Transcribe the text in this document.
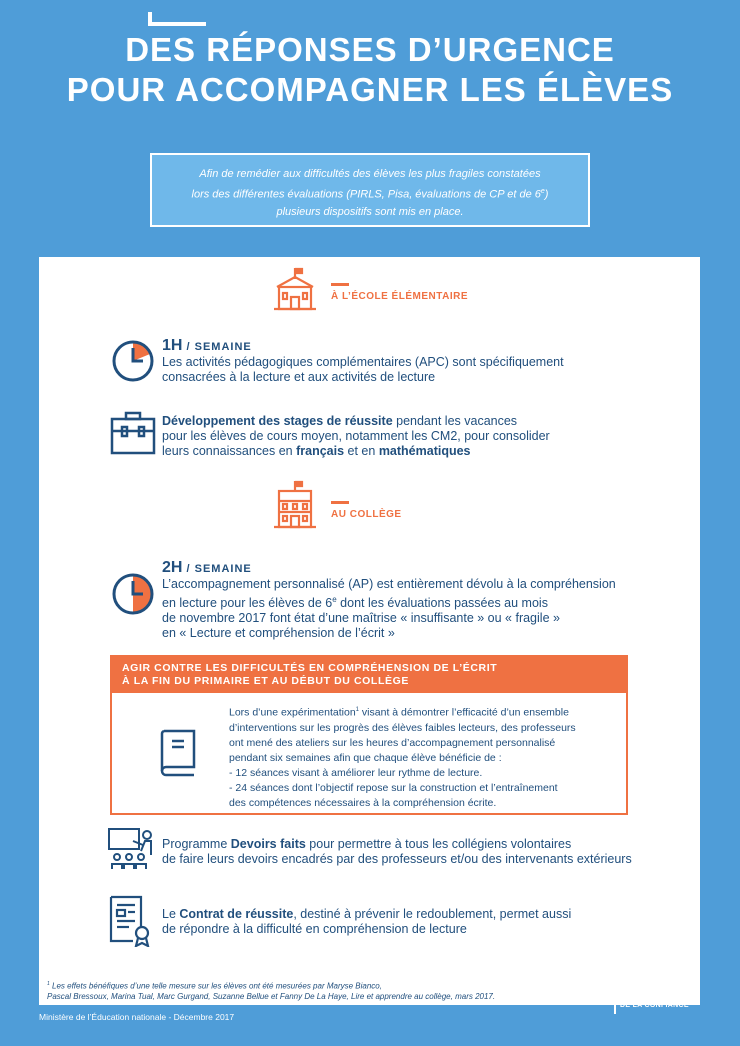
DES RÉPONSES D’URGENCE
POUR ACCOMPAGNER LES ÉLÈVES
Afin de remédier aux difficultés des élèves les plus fragiles constatées
lors des différentes évaluations (PIRLS, Pisa, évaluations de CP et de 6e)
plusieurs dispositifs sont mis en place.
À L’ÉCOLE ÉLÉMENTAIRE
1H / SEMAINE
Les activités pédagogiques complémentaires (APC) sont spécifiquement
consacrées à la lecture et aux activités de lecture
Développement des stages de réussite pendant les vacances
pour les élèves de cours moyen, notamment les CM2, pour consolider
leurs connaissances en français et en mathématiques
AU COLLÈGE
2H / SEMAINE
L’accompagnement personnalisé (AP) est entièrement dévolu à la compréhension
en lecture pour les élèves de 6e dont les évaluations passées au mois
de novembre 2017 font état d’une maîtrise « insuffisante » ou « fragile »
en « Lecture et compréhension de l’écrit »
AGIR CONTRE LES DIFFICULTÉS EN COMPRÉHENSION DE L’ÉCRIT
À LA FIN DU PRIMAIRE ET AU DÉBUT DU COLLÈGE
Lors d’une expérimentation$^1$ visant à démontrer l’efficacité d’un ensemble
d’interventions sur les progrès des élèves faibles lecteurs, des professeurs
ont mené des ateliers sur les heures d’accompagnement personnalisé
pendant six semaines afin que chaque élève bénéficie de :
- 12 séances visant à améliorer leur rythme de lecture.
- 24 séances dont l’objectif repose sur la construction et l’entraînement
des compétences nécessaires à la compréhension écrite.
Programme Devoirs faits pour permettre à tous les collégiens volontaires
de faire leurs devoirs encadrés par des professeurs et/ou des intervenants extérieurs
Le Contrat de réussite, destiné à prévenir le redoublement, permet aussi
de répondre à la difficulté en compréhension de lecture
$^1$ Les effets bénéfiques d’une telle mesure sur les élèves ont été mesurées par Maryse Bianco,
Pascal Bressoux, Marina Tual, Marc Gurgand, Suzanne Bellue et Fanny De La Haye, Lire et apprendre au collège, mars 2017.
Ministère de l’Éducation nationale - Décembre 2017
POUR L’ÉCOLE
DE LA CONFIANCE
